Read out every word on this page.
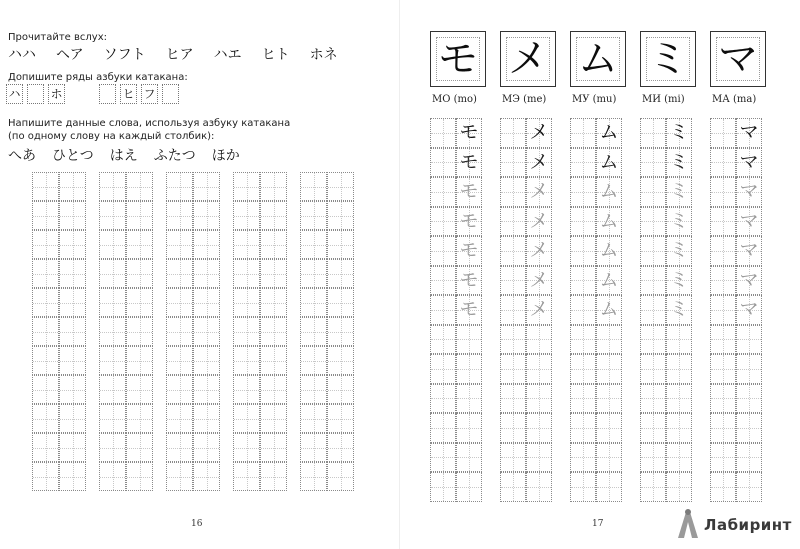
Прочитайте вслух:
ハハ ヘア ソフト ヒア ハエ ヒト ホネ
Допишите ряды азбуки катакана:
ハ ホ	ヒ フ
Напишите данные слова, используя азбуку катакана (по одному слову на каждый столбик):
へあ ひとつ はえ ふたつ ほか
16
モ
МО (mo)
モ
モ
モ
モ
モ
モ
モ
メ
МЭ (me)
メ
メ
メ
メ
メ
メ
メ
ム
МУ (mu)
ム
ム
ム
ム
ム
ム
ム
ミ
МИ (mi)
ミ
ミ
ミ
ミ
ミ
ミ
ミ
マ
МА (ma)
マ
マ
マ
マ
マ
マ
マ
17	Лабиринт
